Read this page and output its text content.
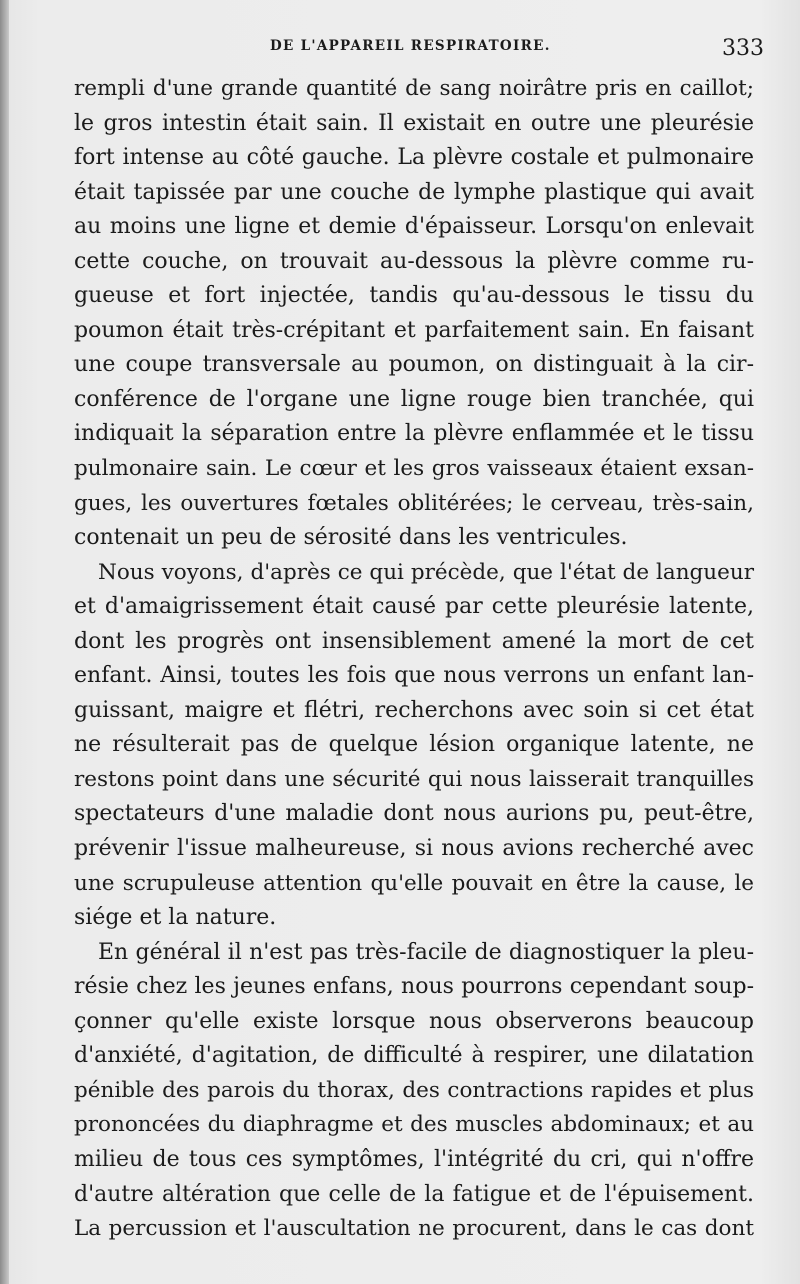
DE L'APPAREIL RESPIRATOIRE.	333
rempli d'une grande quantité de sang noirâtre pris en caillot;
le gros intestin était sain. Il existait en outre une pleurésie
fort intense au côté gauche. La plèvre costale et pulmonaire
était tapissée par une couche de lymphe plastique qui avait
au moins une ligne et demie d'épaisseur. Lorsqu'on enlevait
cette couche, on trouvait au-dessous la plèvre comme ru-
gueuse et fort injectée, tandis qu'au-dessous le tissu du
poumon était très-crépitant et parfaitement sain. En faisant
une coupe transversale au poumon, on distinguait à la cir-
conférence de l'organe une ligne rouge bien tranchée, qui
indiquait la séparation entre la plèvre enflammée et le tissu
pulmonaire sain. Le cœur et les gros vaisseaux étaient exsan-
gues, les ouvertures fœtales oblitérées; le cerveau, très-sain,
contenait un peu de sérosité dans les ventricules.
Nous voyons, d'après ce qui précède, que l'état de langueur
et d'amaigrissement était causé par cette pleurésie latente,
dont les progrès ont insensiblement amené la mort de cet
enfant. Ainsi, toutes les fois que nous verrons un enfant lan-
guissant, maigre et flétri, recherchons avec soin si cet état
ne résulterait pas de quelque lésion organique latente, ne
restons point dans une sécurité qui nous laisserait tranquilles
spectateurs d'une maladie dont nous aurions pu, peut-être,
prévenir l'issue malheureuse, si nous avions recherché avec
une scrupuleuse attention qu'elle pouvait en être la cause, le
siége et la nature.
En général il n'est pas très-facile de diagnostiquer la pleu-
résie chez les jeunes enfans, nous pourrons cependant soup-
çonner qu'elle existe lorsque nous observerons beaucoup
d'anxiété, d'agitation, de difficulté à respirer, une dilatation
pénible des parois du thorax, des contractions rapides et plus
prononcées du diaphragme et des muscles abdominaux; et au
milieu de tous ces symptômes, l'intégrité du cri, qui n'offre
d'autre altération que celle de la fatigue et de l'épuisement.
La percussion et l'auscultation ne procurent, dans le cas dont
